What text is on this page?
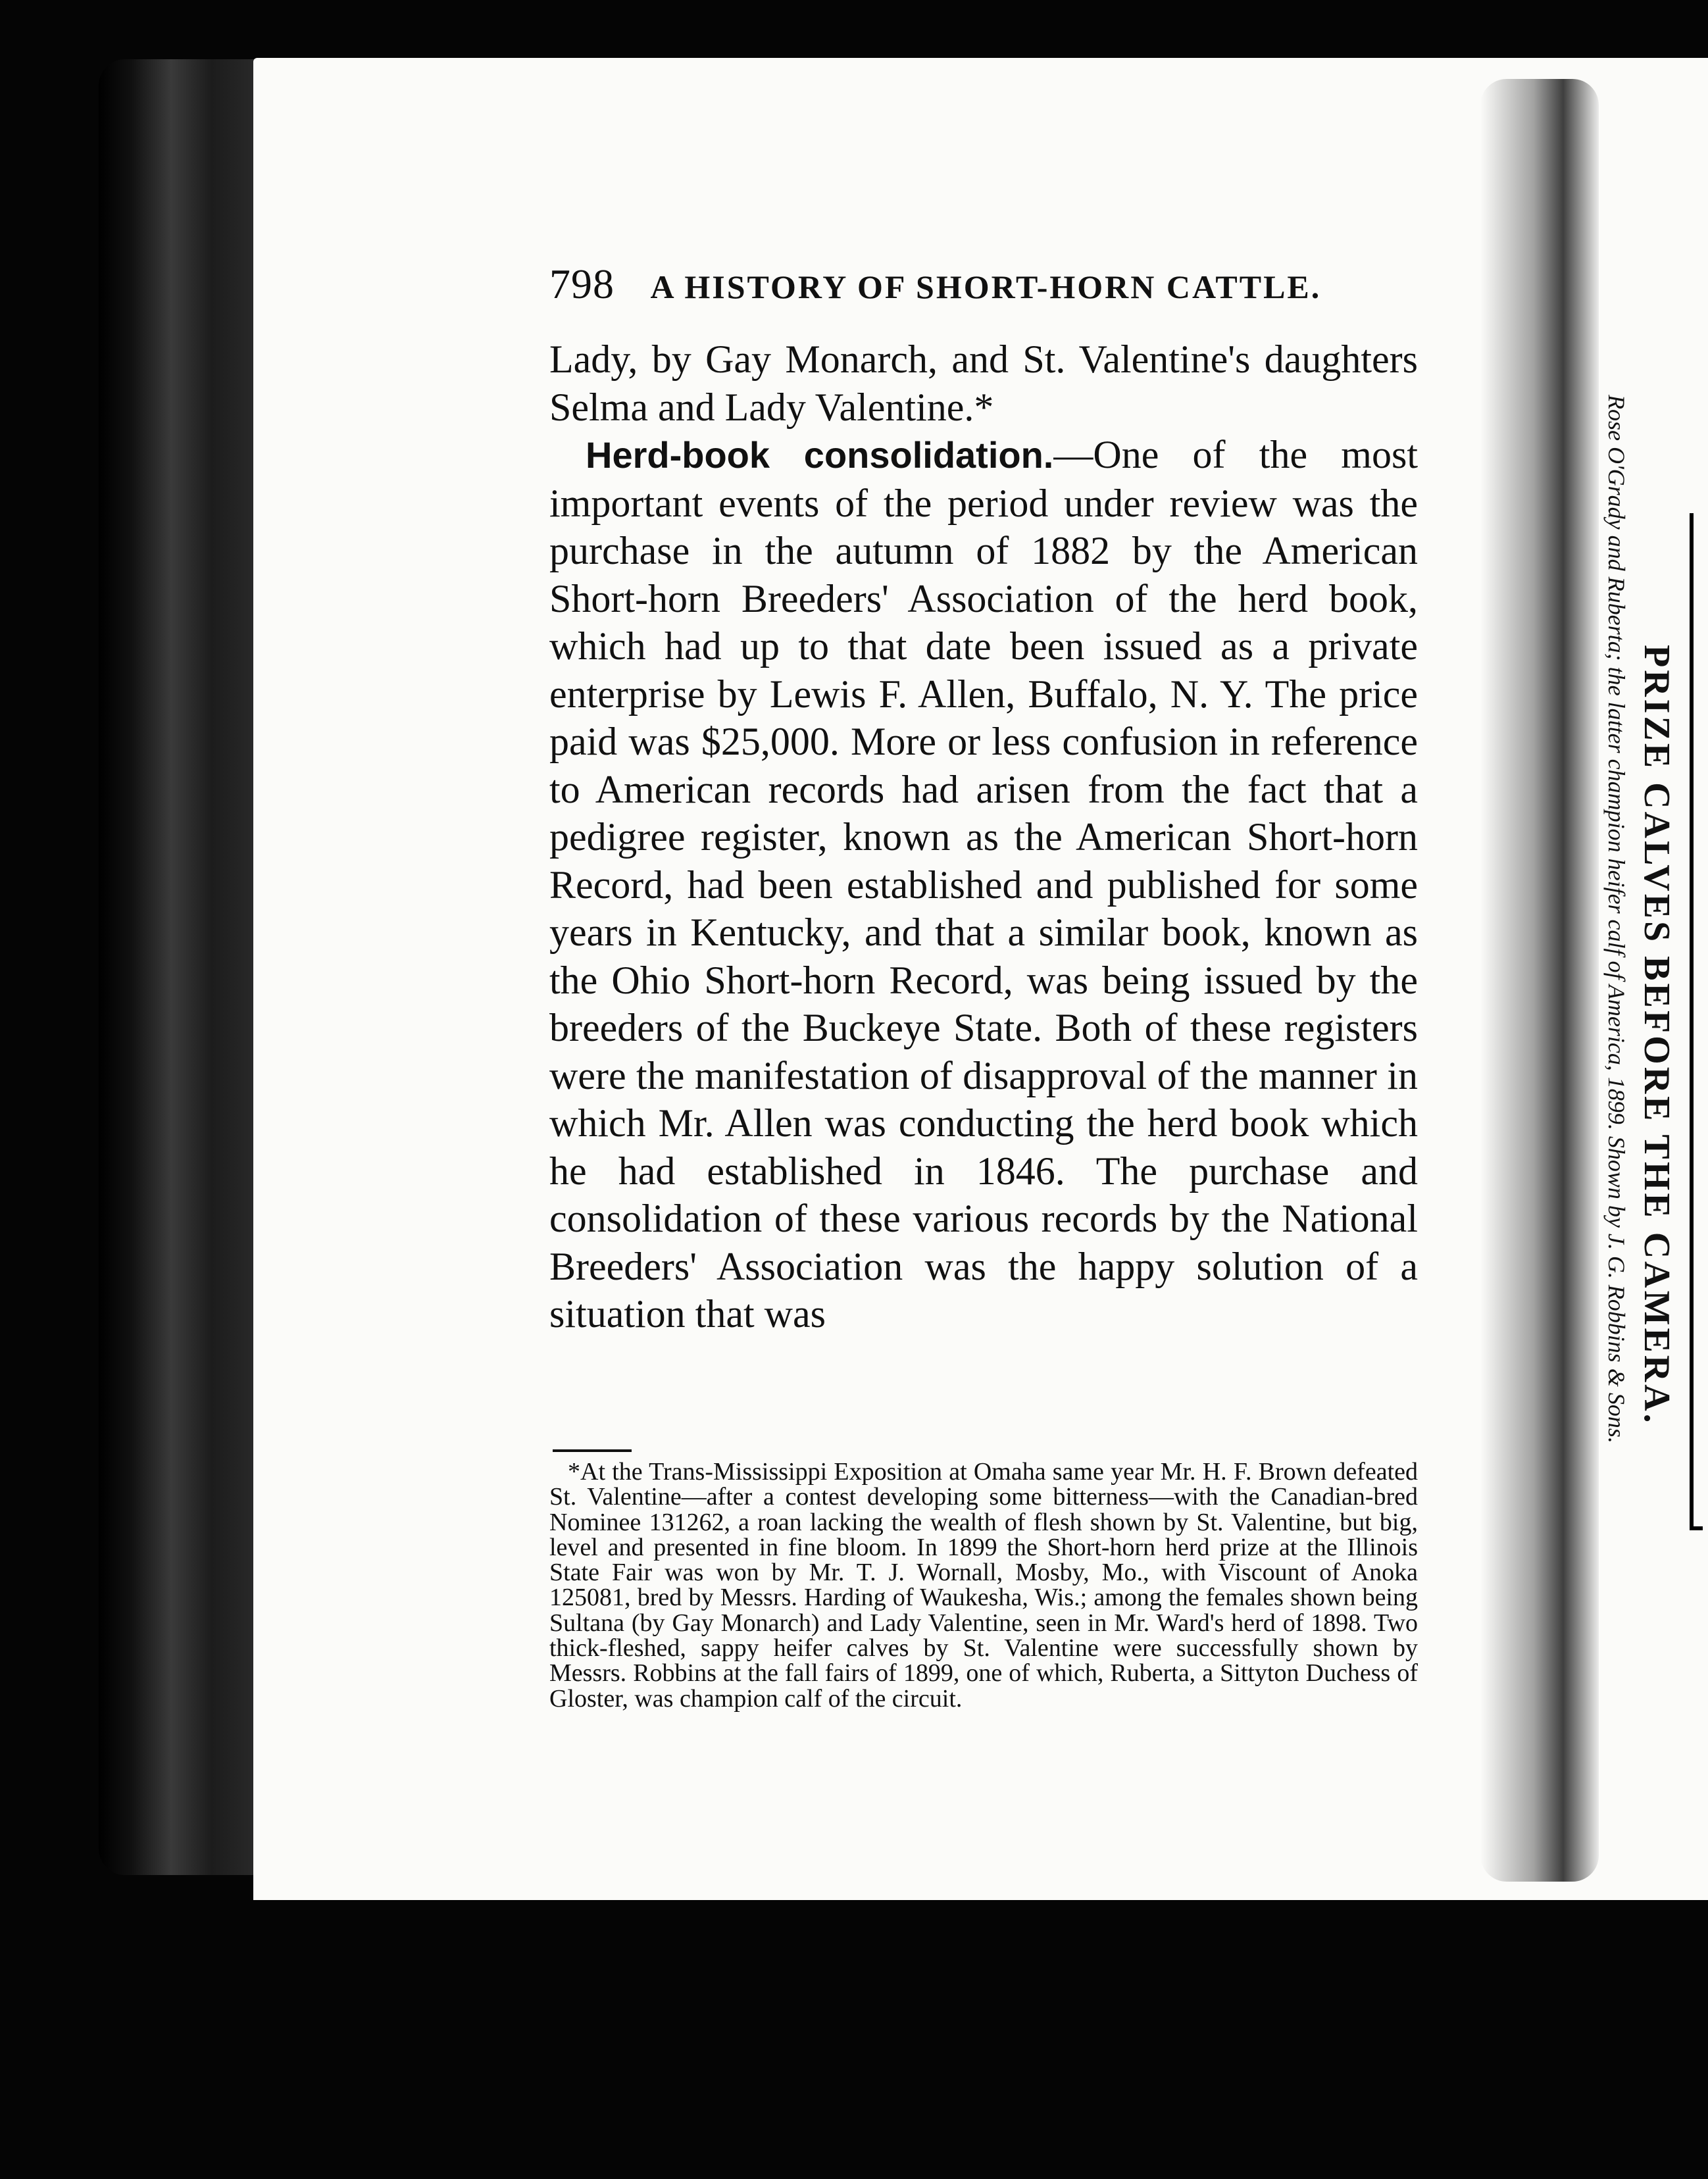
798 A HISTORY OF SHORT-HORN CATTLE.

Lady, by Gay Monarch, and St. Valentine's daughters Selma and Lady Valentine.*

Herd-book consolidation.—One of the most important events of the period under review was the purchase in the autumn of 1882 by the American Short-horn Breeders' Association of the herd book, which had up to that date been issued as a private enterprise by Lewis F. Allen, Buffalo, N. Y. The price paid was $25,000. More or less confusion in reference to American records had arisen from the fact that a pedigree register, known as the American Short-horn Record, had been established and published for some years in Kentucky, and that a similar book, known as the Ohio Short-horn Record, was being issued by the breeders of the Buckeye State. Both of these registers were the manifestation of disapproval of the manner in which Mr. Allen was conducting the herd book which he had established in 1846. The purchase and consolidation of these various records by the National Breeders' Association was the happy solution of a situation that was

*At the Trans-Mississippi Exposition at Omaha same year Mr. H. F. Brown defeated St. Valentine—after a contest developing some bitterness—with the Canadian-bred Nominee 131262, a roan lacking the wealth of flesh shown by St. Valentine, but big, level and presented in fine bloom. In 1899 the Short-horn herd prize at the Illinois State Fair was won by Mr. T. J. Wornall, Mosby, Mo., with Viscount of Anoka 125081, bred by Messrs. Harding of Waukesha, Wis.; among the females shown being Sultana (by Gay Monarch) and Lady Valentine, seen in Mr. Ward's herd of 1898. Two thick-fleshed, sappy heifer calves by St. Valentine were successfully shown by Messrs. Robbins at the fall fairs of 1899, one of which, Ruberta, a Sittyton Duchess of Gloster, was champion calf of the circuit.

PRIZE CALVES BEFORE THE CAMERA.
Rose O'Grady and Ruberta; the latter champion heifer calf of America, 1899. Shown by J. G. Robbins & Sons.
